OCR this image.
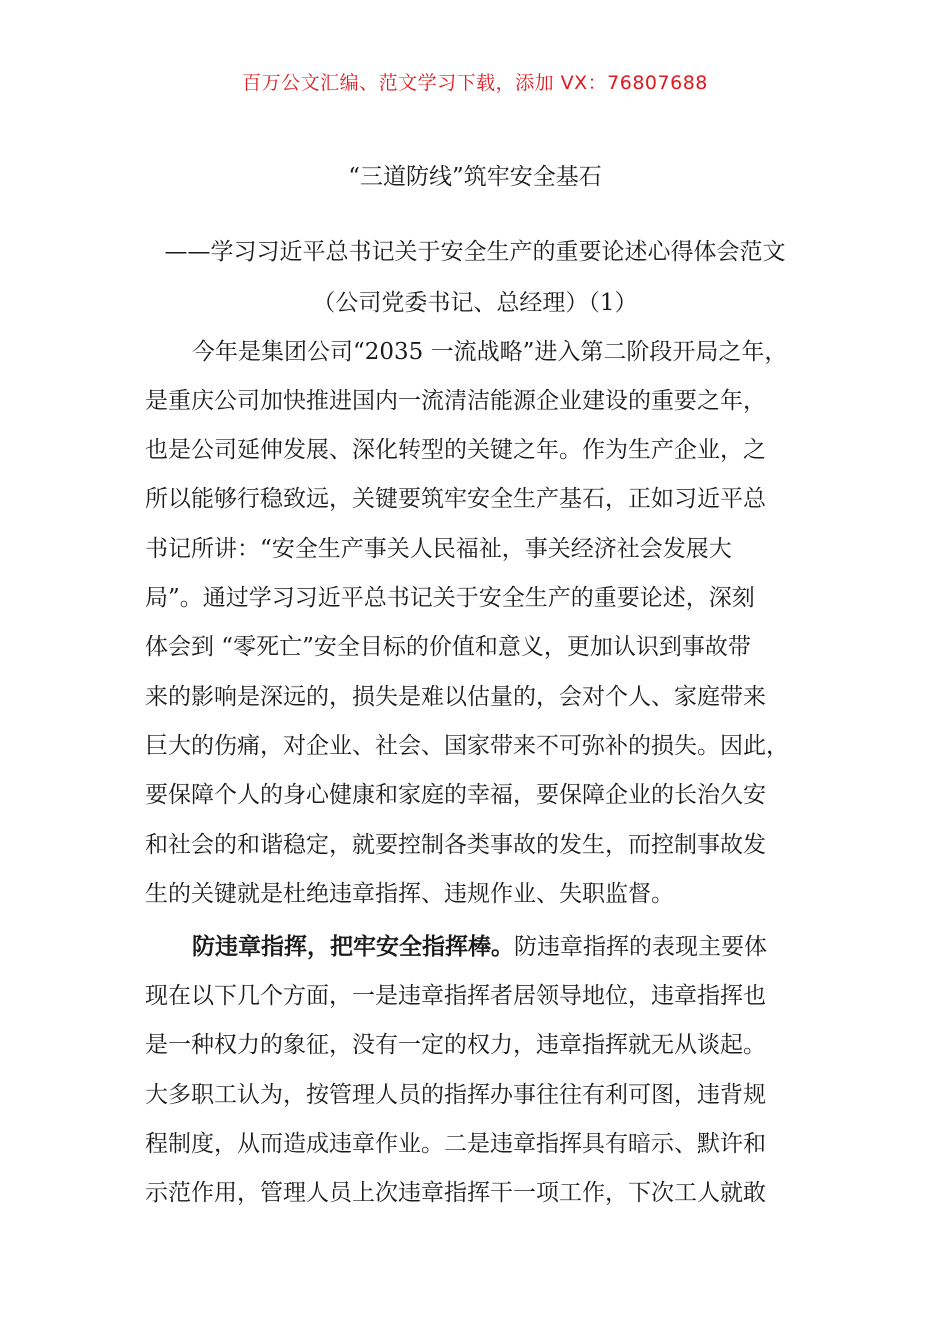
百万公文汇编、范文学习下载，添加 VX：76807688
“三道防线”筑牢安全基石
——学习习近平总书记关于安全生产的重要论述心得体会范文
（公司党委书记、总经理）（1）
今年是集团公司“2035 一流战略”进入第二阶段开局之年，
是重庆公司加快推进国内一流清洁能源企业建设的重要之年，
也是公司延伸发展、深化转型的关键之年。作为生产企业，之
所以能够行稳致远，关键要筑牢安全生产基石，正如习近平总
书记所讲：“安全生产事关人民福祉，事关经济社会发展大
局”。通过学习习近平总书记关于安全生产的重要论述，深刻
体会到 “零死亡”安全目标的价值和意义，更加认识到事故带
来的影响是深远的，损失是难以估量的，会对个人、家庭带来
巨大的伤痛，对企业、社会、国家带来不可弥补的损失。因此，
要保障个人的身心健康和家庭的幸福，要保障企业的长治久安
和社会的和谐稳定，就要控制各类事故的发生，而控制事故发
生的关键就是杜绝违章指挥、违规作业、失职监督。
防违章指挥，把牢安全指挥棒。防违章指挥的表现主要体
现在以下几个方面，一是违章指挥者居领导地位，违章指挥也
是一种权力的象征，没有一定的权力，违章指挥就无从谈起。
大多职工认为，按管理人员的指挥办事往往有利可图，违背规
程制度，从而造成违章作业。二是违章指挥具有暗示、默许和
示范作用，管理人员上次违章指挥干一项工作，下次工人就敢
